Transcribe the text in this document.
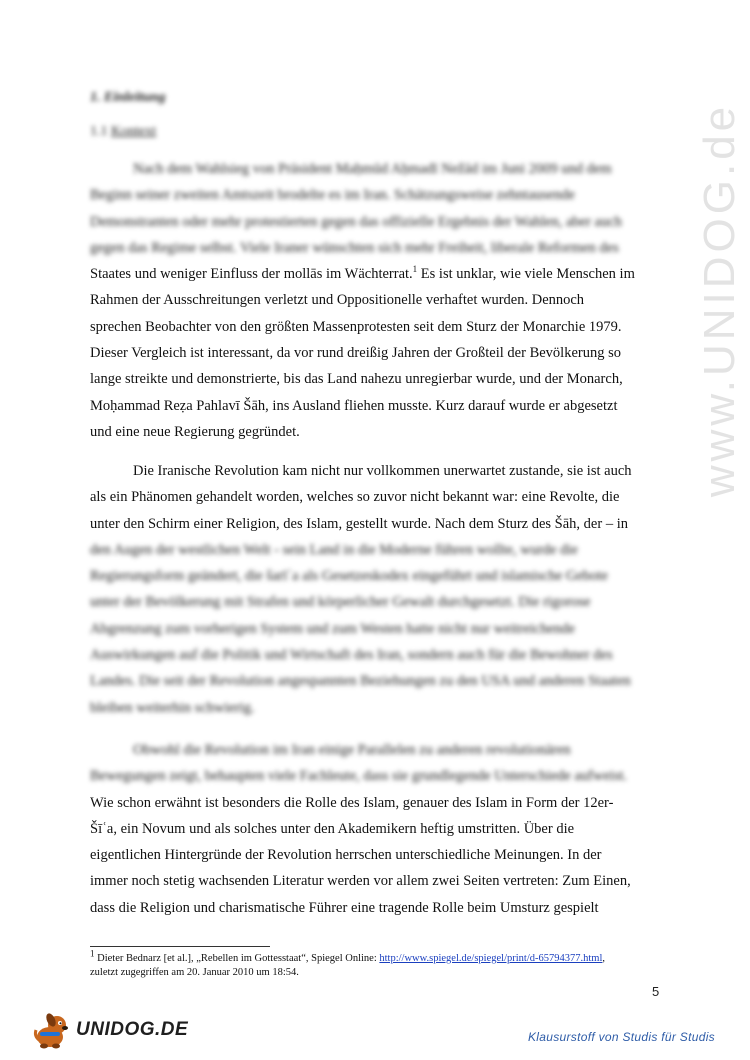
www.UNIDOG.de
1. Einleitung
1.1 Kontext
Nach dem Wahlsieg von Präsident Maḥmūd Aḥmadī Nežād im Juni 2009 und dem
Beginn seiner zweiten Amtszeit brodelte es im Iran. Schätzungsweise zehntausende
Demonstranten oder mehr protestierten gegen das offizielle Ergebnis der Wahlen, aber auch
gegen das Regime selbst. Viele Iraner wünschten sich mehr Freiheit, liberale Reformen des
Staates und weniger Einfluss der mollās im Wächterrat.$^1$ Es ist unklar, wie viele Menschen im
Rahmen der Ausschreitungen verletzt und Oppositionelle verhaftet wurden. Dennoch
sprechen Beobachter von den größten Massenprotesten seit dem Sturz der Monarchie 1979.
Dieser Vergleich ist interessant, da vor rund dreißig Jahren der Großteil der Bevölkerung so
lange streikte und demonstrierte, bis das Land nahezu unregierbar wurde, und der Monarch,
Moḥammad Reẓa Pahlavī Šāh, ins Ausland fliehen musste. Kurz darauf wurde er abgesetzt
und eine neue Regierung gegründet.
Die Iranische Revolution kam nicht nur vollkommen unerwartet zustande, sie ist auch
als ein Phänomen gehandelt worden, welches so zuvor nicht bekannt war: eine Revolte, die
unter den Schirm einer Religion, des Islam, gestellt wurde. Nach dem Sturz des Šāh, der – in
den Augen der westlichen Welt - sein Land in die Moderne führen wollte, wurde die
Regierungsform geändert, die šarīʿa als Gesetzeskodex eingeführt und islamische Gebote
unter der Bevölkerung mit Strafen und körperlicher Gewalt durchgesetzt. Die rigorose
Abgrenzung zum vorherigen System und zum Westen hatte nicht nur weitreichende
Auswirkungen auf die Politik und Wirtschaft des Iran, sondern auch für die Bewohner des
Landes. Die seit der Revolution angespannten Beziehungen zu den USA und anderen Staaten
bleiben weiterhin schwierig.
Obwohl die Revolution im Iran einige Parallelen zu anderen revolutionären
Bewegungen zeigt, behaupten viele Fachleute, dass sie grundlegende Unterschiede aufweist.
Wie schon erwähnt ist besonders die Rolle des Islam, genauer des Islam in Form der 12er-
Šīʿa, ein Novum und als solches unter den Akademikern heftig umstritten. Über die
eigentlichen Hintergründe der Revolution herrschen unterschiedliche Meinungen. In der
immer noch stetig wachsenden Literatur werden vor allem zwei Seiten vertreten: Zum Einen,
dass die Religion und charismatische Führer eine tragende Rolle beim Umsturz gespielt
$^1$ Dieter Bednarz [et al.], „Rebellen im Gottesstaat“, Spiegel Online: http://www.spiegel.de/spiegel/print/d-65794377.html,
zuletzt zugegriffen am 20. Januar 2010 um 18:54.
5
UNIDOG.DE	Klausurstoff von Studis für Studis
